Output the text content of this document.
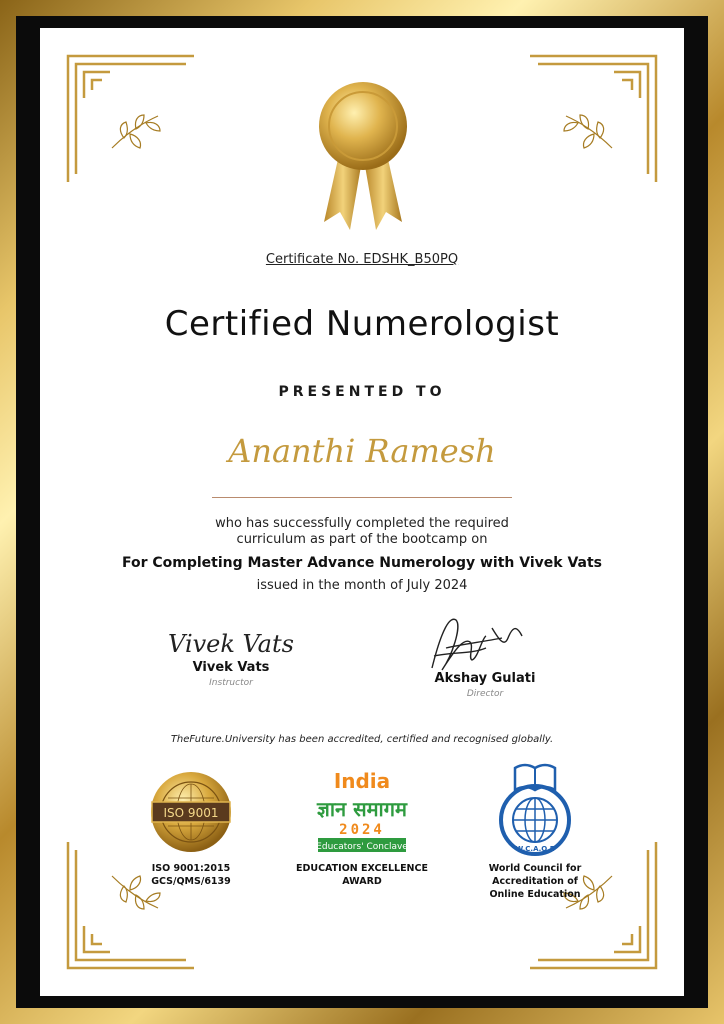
Certificate No. EDSHK_B50PQ
Certified Numerologist
PRESENTED TO
Ananthi Ramesh
who has successfully completed the required
curriculum as part of the bootcamp on
For Completing Master Advance Numerology with Vivek Vats
issued in the month of July 2024
Vivek Vats
Vivek Vats
Instructor	Akshay Gulati
Director
TheFuture.University has been accredited, certified and recognised globally.
ISO 9001
ISO 9001:2015
GCS/QMS/6139
India
ज्ञान समागम
2024
Educators' Conclave
EDUCATION EXCELLENCE
AWARD
W.C.A.O.E
World Council for
Accreditation of
Online Education
